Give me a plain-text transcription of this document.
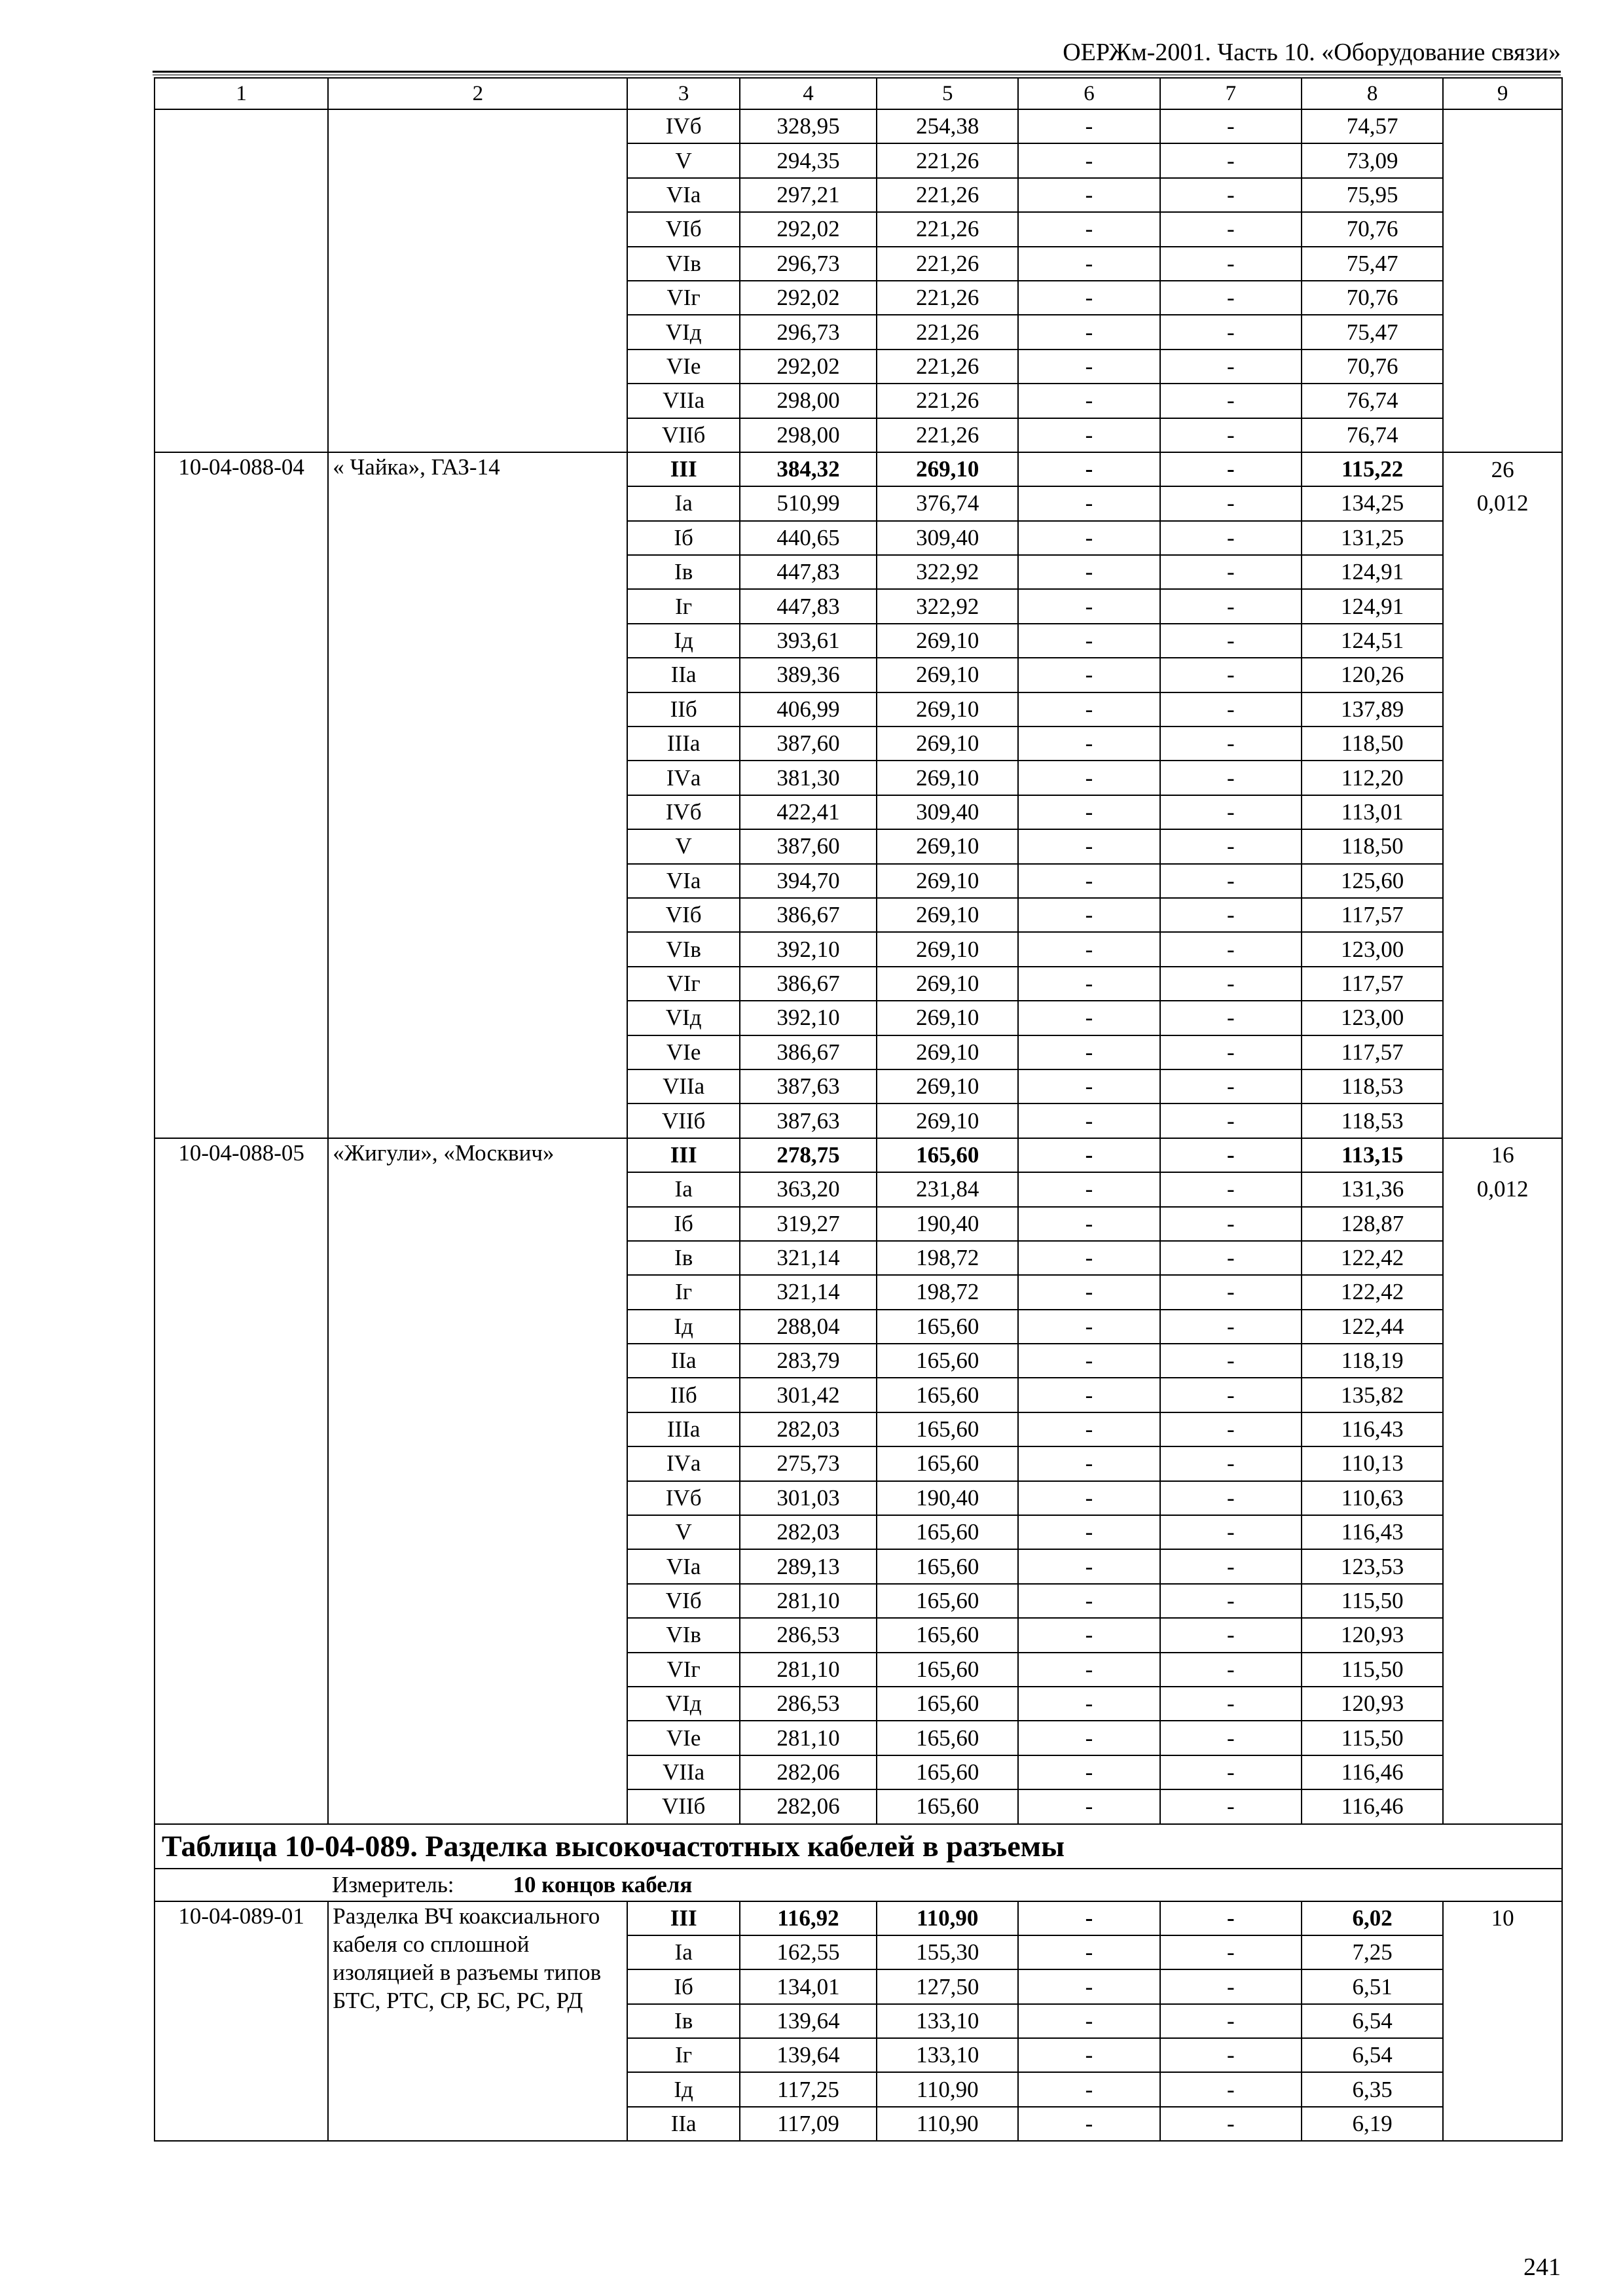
ОЕРЖм-2001. Часть 10. «Оборудование связи»
1	2	3	4	5	6	7	8	9
		IVб	328,95	254,38	-	-	74,57	
		V	294,35	221,26	-	-	73,09	
		VIа	297,21	221,26	-	-	75,95	
		VIб	292,02	221,26	-	-	70,76	
		VIв	296,73	221,26	-	-	75,47	
		VIг	292,02	221,26	-	-	70,76	
		VIд	296,73	221,26	-	-	75,47	
		VIе	292,02	221,26	-	-	70,76	
		VIIа	298,00	221,26	-	-	76,74	
		VIIб	298,00	221,26	-	-	76,74	
10-04-088-04	« Чайка», ГАЗ-14	III	384,32	269,10	-	-	115,22	26
		Iа	510,99	376,74	-	-	134,25	0,012
		Iб	440,65	309,40	-	-	131,25	
		Iв	447,83	322,92	-	-	124,91	
		Iг	447,83	322,92	-	-	124,91	
		Iд	393,61	269,10	-	-	124,51	
		IIа	389,36	269,10	-	-	120,26	
		IIб	406,99	269,10	-	-	137,89	
		IIIа	387,60	269,10	-	-	118,50	
		IVа	381,30	269,10	-	-	112,20	
		IVб	422,41	309,40	-	-	113,01	
		V	387,60	269,10	-	-	118,50	
		VIа	394,70	269,10	-	-	125,60	
		VIб	386,67	269,10	-	-	117,57	
		VIв	392,10	269,10	-	-	123,00	
		VIг	386,67	269,10	-	-	117,57	
		VIд	392,10	269,10	-	-	123,00	
		VIе	386,67	269,10	-	-	117,57	
		VIIа	387,63	269,10	-	-	118,53	
		VIIб	387,63	269,10	-	-	118,53	
10-04-088-05	«Жигули», «Москвич»	III	278,75	165,60	-	-	113,15	16
		Iа	363,20	231,84	-	-	131,36	0,012
		Iб	319,27	190,40	-	-	128,87	
		Iв	321,14	198,72	-	-	122,42	
		Iг	321,14	198,72	-	-	122,42	
		Iд	288,04	165,60	-	-	122,44	
		IIа	283,79	165,60	-	-	118,19	
		IIб	301,42	165,60	-	-	135,82	
		IIIа	282,03	165,60	-	-	116,43	
		IVа	275,73	165,60	-	-	110,13	
		IVб	301,03	190,40	-	-	110,63	
		V	282,03	165,60	-	-	116,43	
		VIа	289,13	165,60	-	-	123,53	
		VIб	281,10	165,60	-	-	115,50	
		VIв	286,53	165,60	-	-	120,93	
		VIг	281,10	165,60	-	-	115,50	
		VIд	286,53	165,60	-	-	120,93	
		VIе	281,10	165,60	-	-	115,50	
		VIIа	282,06	165,60	-	-	116,46	
		VIIб	282,06	165,60	-	-	116,46	
Таблица 10-04-089. Разделка высокочастотных кабелей в разъемы								
Измеритель: 10 концов кабеля								
10-04-089-01	Разделка ВЧ коаксиального кабеля со сплошной изоляцией в разъемы типов БТС, РТС, СР, БС, РС, РД	III	116,92	110,90	-	-	6,02	10
		Iа	162,55	155,30	-	-	7,25	
		Iб	134,01	127,50	-	-	6,51	
		Iв	139,64	133,10	-	-	6,54	
		Iг	139,64	133,10	-	-	6,54	
		Iд	117,25	110,90	-	-	6,35	
		IIа	117,09	110,90	-	-	6,19	
241
